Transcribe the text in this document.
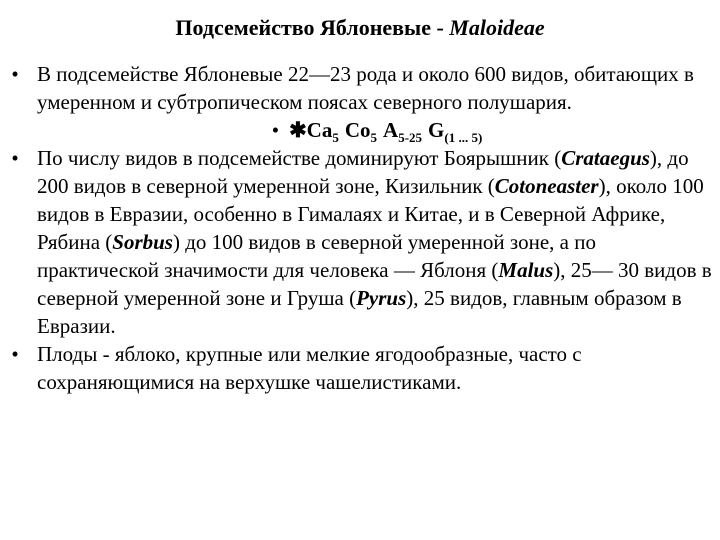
Подсемейство Яблоневые - Maloideae
• В подсемействе Яблоневые 22—23 рода и около 600 видов, обитающих в умеренном и субтропическом поясах северного полушария.
• $✱Ca_5$ $Co_5$ $A_{5-25}$ $G_{(1 ... 5)}$
• По числу видов в подсемействе доминируют Боярышник (Crataegus), до 200 видов в северной умеренной зоне, Кизильник (Cotoneaster), около 100 видов в Евразии, особенно в Гималаях и Китае, и в Северной Африке, Рябина (Sorbus) до 100 видов в северной умеренной зоне, а по практической значимости для человека — Яблоня (Malus), 25— 30 видов в северной умеренной зоне и Груша (Pyrus), 25 видов, главным образом в Евразии.
• Плоды - яблоко, крупные или мелкие ягодообразные, часто с сохраняющимися на верхушке чашелистиками.
